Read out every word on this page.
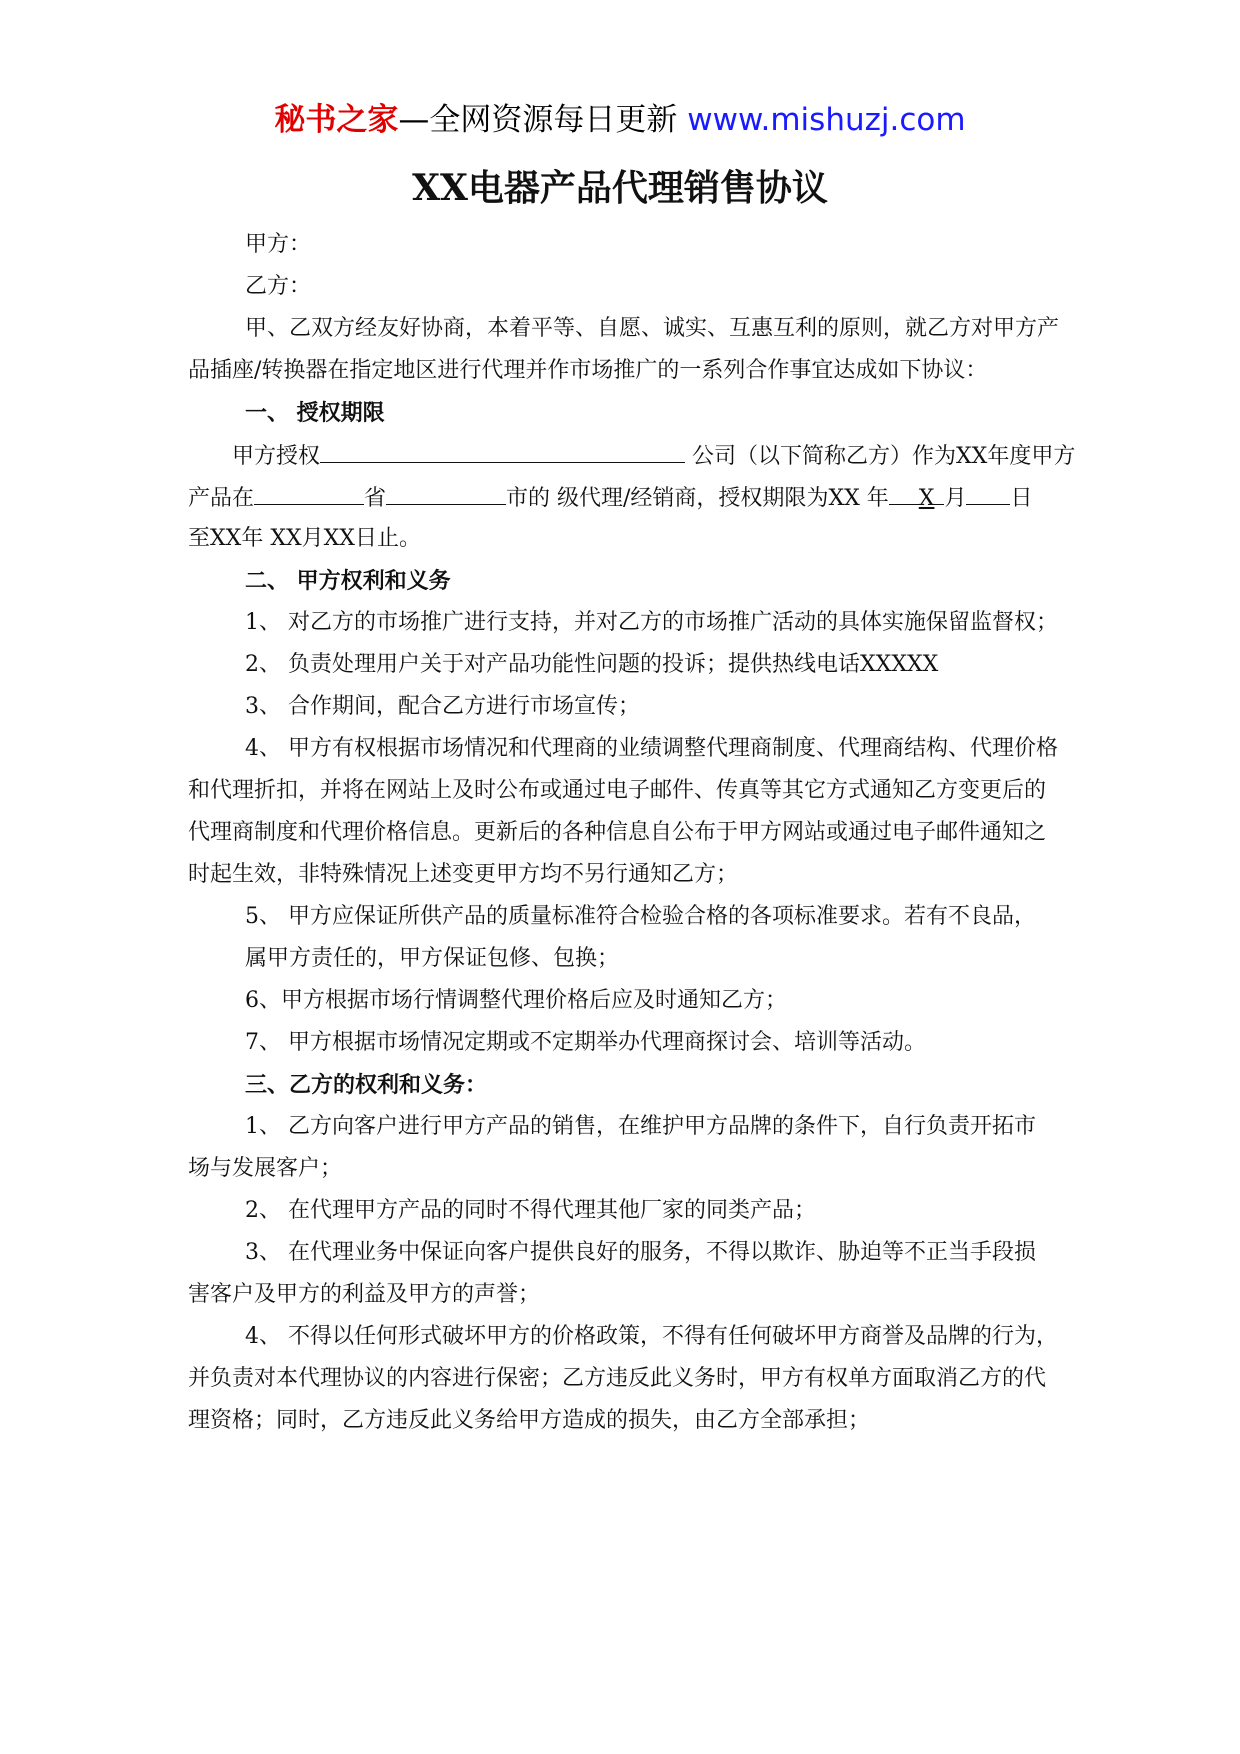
秘书之家—全网资源每日更新 www.mishuzj.com
XX电器产品代理销售协议
甲方：
乙方：
甲、乙双方经友好协商，本着平等、自愿、诚实、互惠互利的原则，就乙方对甲方产
品插座/转换器在指定地区进行代理并作市场推广的一系列合作事宜达成如下协议：
一、 授权期限
甲方授权	公司（以下简称乙方）作为XX年度甲方
产品在	省	市的 级代理/经销商，授权期限为XX 年 X 月 日
至XX年 XX月XX日止。
二、 甲方权利和义务
1、 对乙方的市场推广进行支持，并对乙方的市场推广活动的具体实施保留监督权；
2、 负责处理用户关于对产品功能性问题的投诉；提供热线电话XXXXX
3、 合作期间，配合乙方进行市场宣传；
4、 甲方有权根据市场情况和代理商的业绩调整代理商制度、代理商结构、代理价格
和代理折扣，并将在网站上及时公布或通过电子邮件、传真等其它方式通知乙方变更后的
代理商制度和代理价格信息。更新后的各种信息自公布于甲方网站或通过电子邮件通知之
时起生效，非特殊情况上述变更甲方均不另行通知乙方；
5、 甲方应保证所供产品的质量标准符合检验合格的各项标准要求。若有不良品，
属甲方责任的，甲方保证包修、包换；
6、甲方根据市场行情调整代理价格后应及时通知乙方；
7、 甲方根据市场情况定期或不定期举办代理商探讨会、培训等活动。
三、乙方的权利和义务：
1、 乙方向客户进行甲方产品的销售，在维护甲方品牌的条件下，自行负责开拓市
场与发展客户；
2、 在代理甲方产品的同时不得代理其他厂家的同类产品；
3、 在代理业务中保证向客户提供良好的服务，不得以欺诈、胁迫等不正当手段损
害客户及甲方的利益及甲方的声誉；
4、 不得以任何形式破坏甲方的价格政策，不得有任何破坏甲方商誉及品牌的行为，
并负责对本代理协议的内容进行保密；乙方违反此义务时，甲方有权单方面取消乙方的代
理资格；同时，乙方违反此义务给甲方造成的损失，由乙方全部承担；
